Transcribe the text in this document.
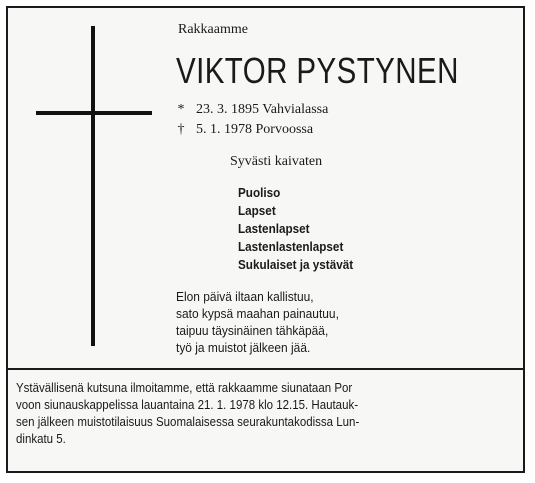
Rakkaamme
VIKTOR PYSTYNEN
* 23. 3. 1895 Vahvialassa
† 5. 1. 1978 Porvoossa
Syvästi kaivaten
Puoliso
Lapset
Lastenlapset
Lastenlastenlapset
Sukulaiset ja ystävät
Elon päivä iltaan kallistuu,
sato kypsä maahan painautuu,
taipuu täysinäinen tähkäpää,
työ ja muistot jälkeen jää.
Ystävällisenä kutsuna ilmoitamme, että rakkaamme siunataan Por
voon siunauskappelissa lauantaina 21. 1. 1978 klo 12.15. Hautauk-
sen jälkeen muistotilaisuus Suomalaisessa seurakuntakodissa Lun-
dinkatu 5.
